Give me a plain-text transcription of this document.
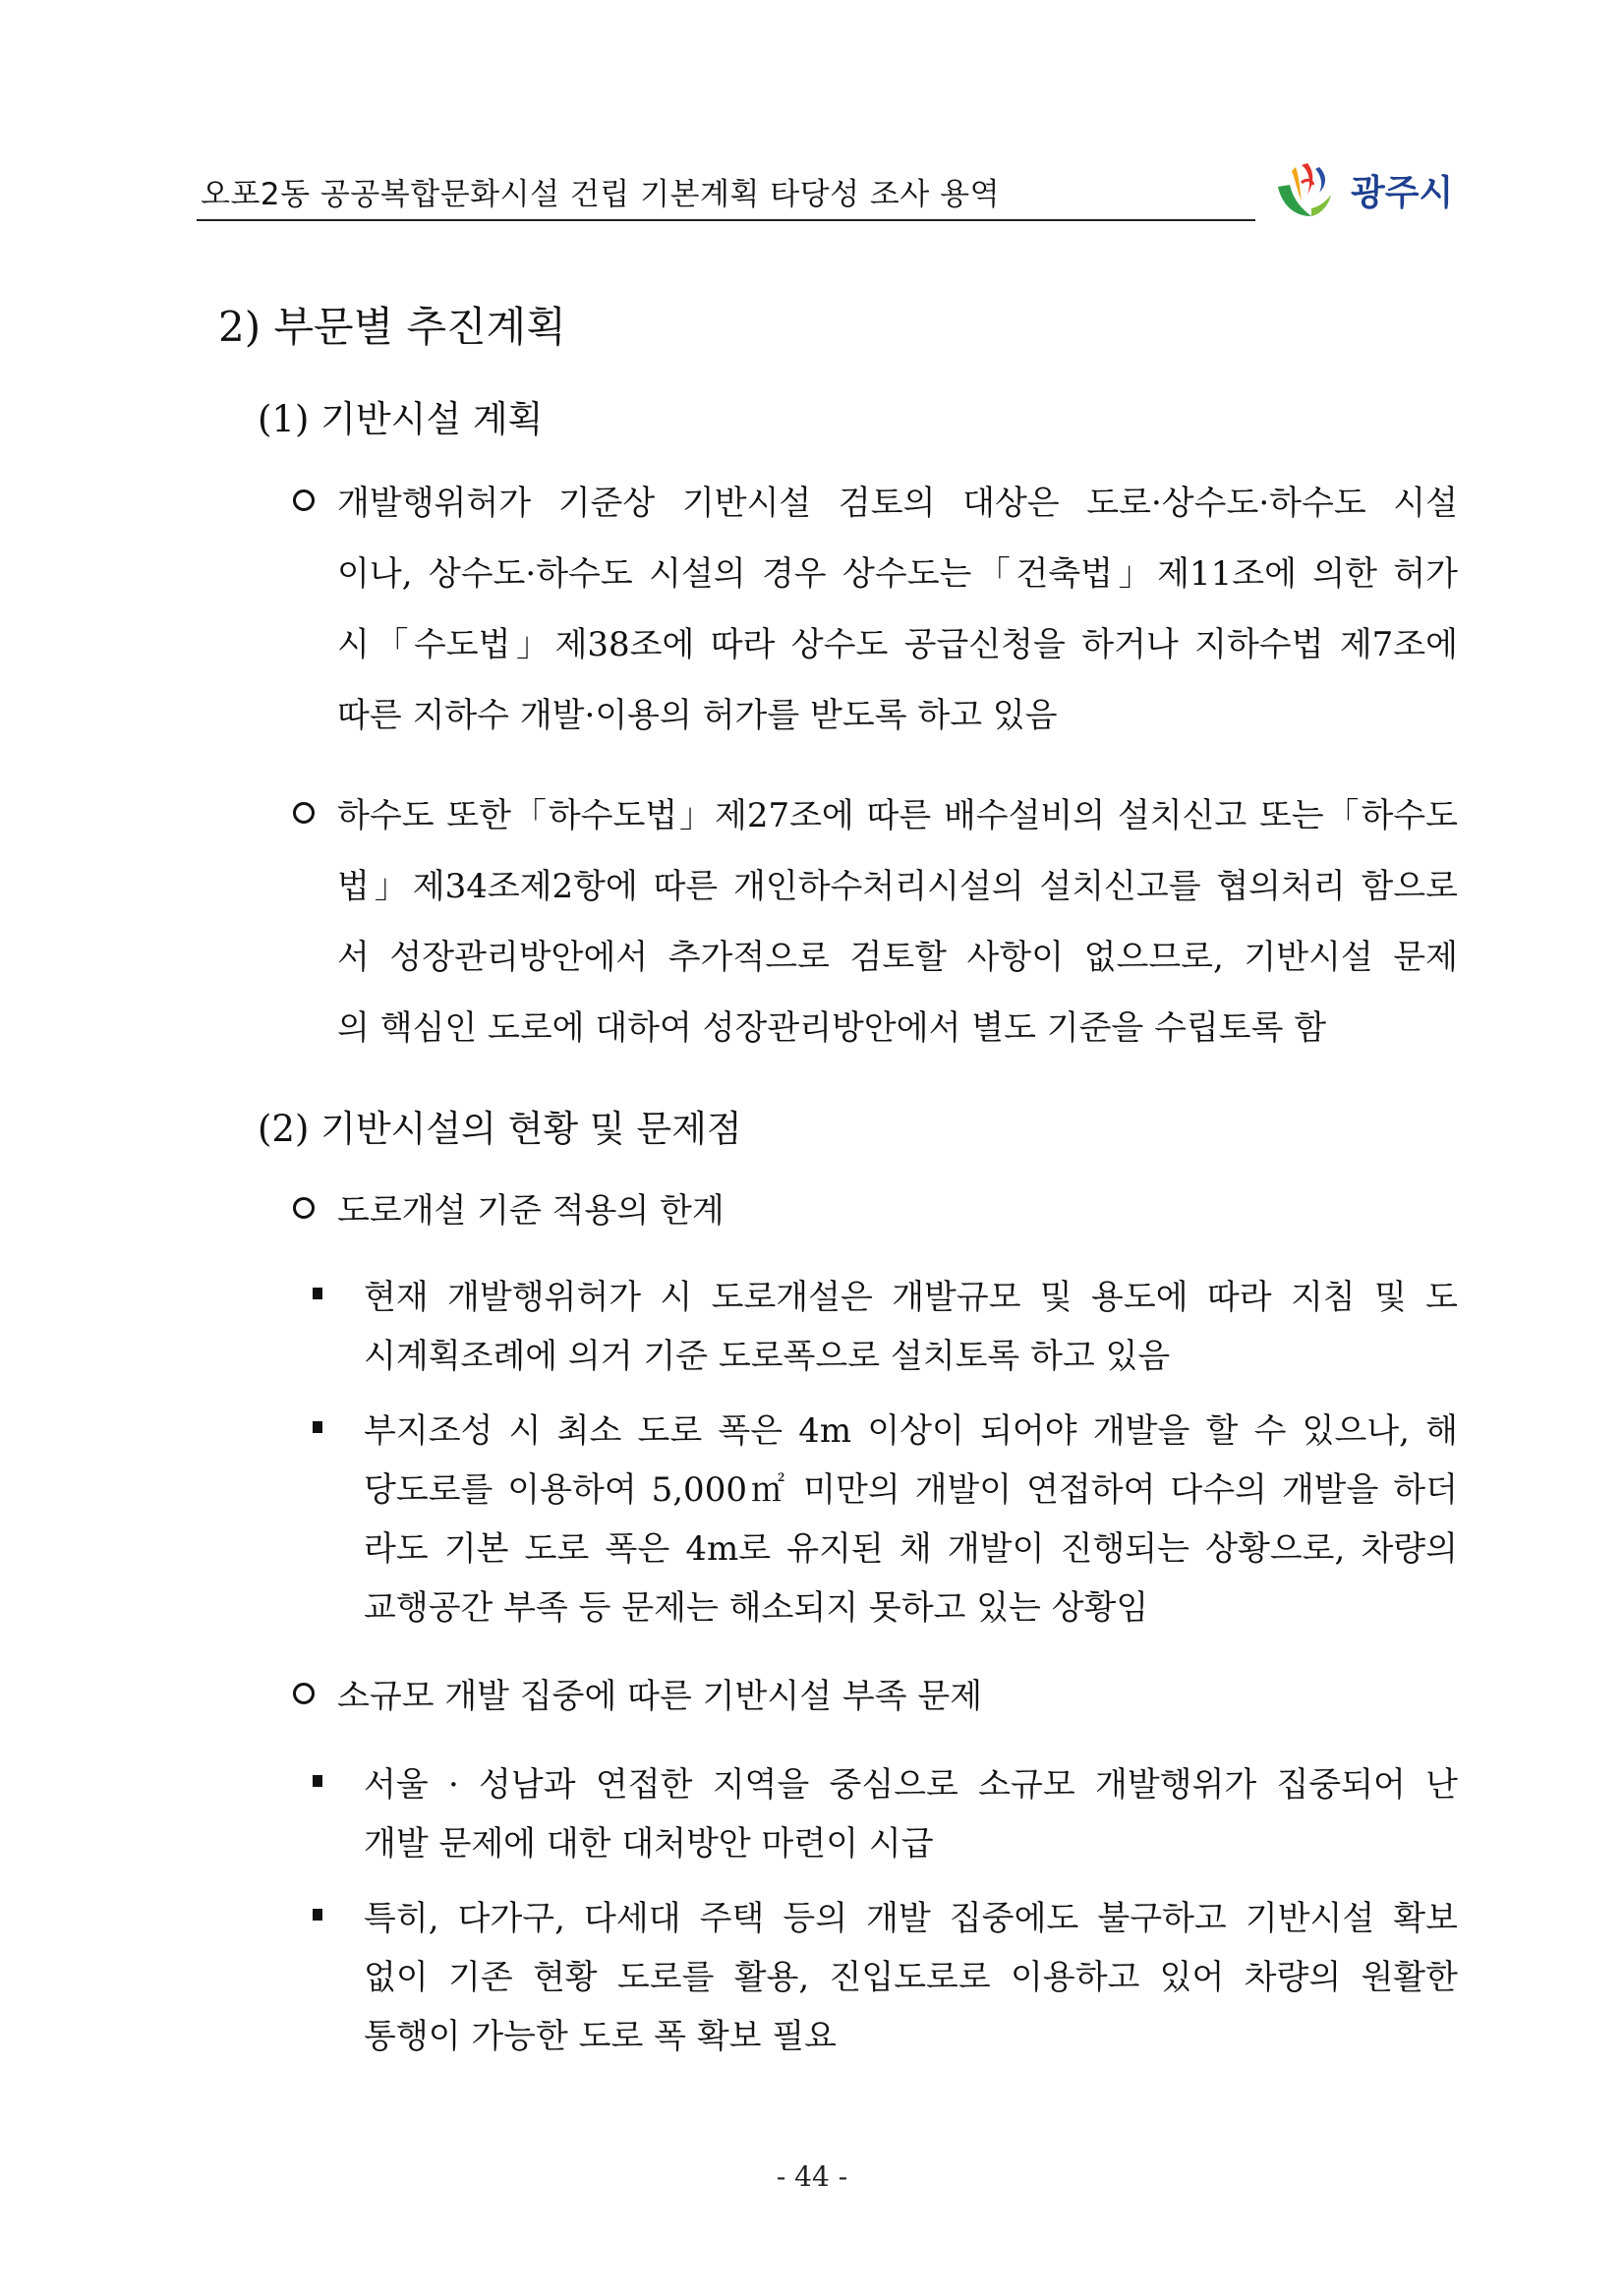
오포2동 공공복합문화시설 건립 기본계획 타당성 조사 용역	광주시
2) 부문별 추진계획
(1) 기반시설 계획
개발행위허가 기준상 기반시설 검토의 대상은 도로·상수도·하수도 시설
이나, 상수도·하수도 시설의 경우 상수도는「건축법」제11조에 의한 허가
시「수도법」제38조에 따라 상수도 공급신청을 하거나 지하수법 제7조에
따른 지하수 개발·이용의 허가를 받도록 하고 있음
하수도 또한「하수도법」제27조에 따른 배수설비의 설치신고 또는「하수도
법」제34조제2항에 따른 개인하수처리시설의 설치신고를 협의처리 함으로
서 성장관리방안에서 추가적으로 검토할 사항이 없으므로, 기반시설 문제
의 핵심인 도로에 대하여 성장관리방안에서 별도 기준을 수립토록 함
(2) 기반시설의 현황 및 문제점
도로개설 기준 적용의 한계
현재 개발행위허가 시 도로개설은 개발규모 및 용도에 따라 지침 및 도
시계획조례에 의거 기준 도로폭으로 설치토록 하고 있음
부지조성 시 최소 도로 폭은 4m 이상이 되어야 개발을 할 수 있으나, 해
당도로를 이용하여 5,000㎡ 미만의 개발이 연접하여 다수의 개발을 하더
라도 기본 도로 폭은 4m로 유지된 채 개발이 진행되는 상황으로, 차량의
교행공간 부족 등 문제는 해소되지 못하고 있는 상황임
소규모 개발 집중에 따른 기반시설 부족 문제
서울 · 성남과 연접한 지역을 중심으로 소규모 개발행위가 집중되어 난
개발 문제에 대한 대처방안 마련이 시급
특히, 다가구, 다세대 주택 등의 개발 집중에도 불구하고 기반시설 확보
없이 기존 현황 도로를 활용, 진입도로로 이용하고 있어 차량의 원활한
통행이 가능한 도로 폭 확보 필요
- 44 -
